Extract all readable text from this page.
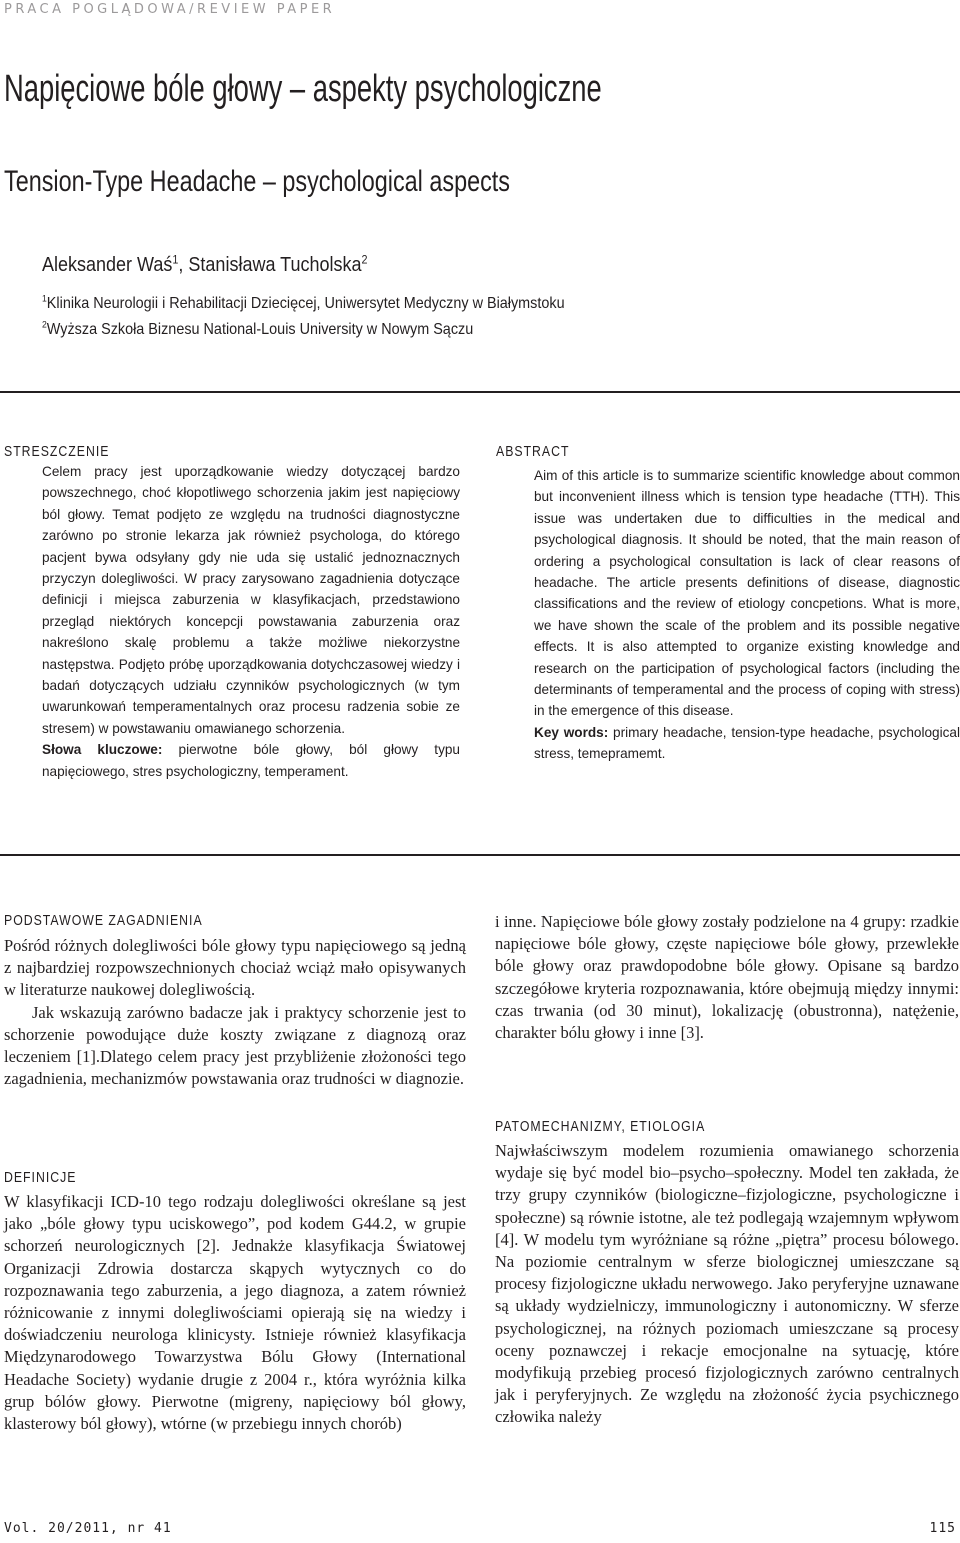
PRACA POGLĄDOWA/REVIEW PAPER
Napięciowe bóle głowy – aspekty psychologiczne
Tension-Type Headache – psychological aspects
Aleksander Waś$^1$, Stanisława Tucholska$^2$
$^1$Klinika Neurologii i Rehabilitacji Dziecięcej, Uniwersytet Medyczny w Białymstoku
$^2$Wyższa Szkoła Biznesu National-Louis University w Nowym Sączu
STRESZCZENIE

Celem pracy jest uporządkowanie wiedzy dotyczącej bardzo powszechnego, choć kłopotliwego schorzenia jakim jest napięciowy ból głowy. Temat podjęto ze względu na trudności diagnostyczne zarówno po stronie lekarza jak również psychologa, do którego pacjent bywa odsyłany gdy nie uda się ustalić jednoznacznych przyczyn dolegliwości. W pracy zarysowano zagadnienia dotyczące definicji i miejsca zaburzenia w klasyfikacjach, przedstawiono przegląd niektórych koncepcji powstawania zaburzenia oraz nakreślono skalę problemu a także możliwe niekorzystne następstwa. Podjęto próbę uporządkowania dotychczasowej wiedzy i badań dotyczących udziału czynników psychologicznych (w tym uwarunkowań temperamentalnych oraz procesu radzenia sobie ze stresem) w powstawaniu omawianego schorzenia.

Słowa kluczowe: pierwotne bóle głowy, ból głowy typu napięciowego, stres psychologiczny, temperament.

ABSTRACT

Aim of this article is to summarize scientific knowledge about common but inconvenient illness which is tension type headache (TTH). This issue was undertaken due to difficulties in the medical and psychological diagnosis. It should be noted, that the main reason of ordering a psychological consultation is lack of clear reasons of headache. The article presents definitions of disease, diagnostic classifications and the review of etiology concpetions. What is more, we have shown the scale of the problem and its possible negative effects. It is also attempted to organize existing knowledge and research on the participation of psychological factors (including the determinants of temperamental and the process of coping with stress) in the emergence of this disease.

Key words: primary headache, tension-type headache, psychological stress, temepramemt.

PODSTAWOWE ZAGADNIENIA

Pośród różnych dolegliwości bóle głowy typu napięciowego są jedną z najbardziej rozpowszechnionych chociaż wciąż mało opisywanych w literaturze naukowej dolegliwością.

Jak wskazują zarówno badacze jak i praktycy schorzenie jest to schorzenie powodujące duże koszty związane z diagnozą oraz leczeniem [1].Dlatego celem pracy jest przybliżenie złożoności tego zagadnienia, mechanizmów powstawania oraz trudności w diagnozie.

DEFINICJE

W klasyfikacji ICD-10 tego rodzaju dolegliwości określane są jest jako „bóle głowy typu uciskowego”, pod kodem G44.2, w grupie schorzeń neurologicznych [2]. Jednakże klasyfikacja Światowej Organizacji Zdrowia dostarcza skąpych wytycznych co do rozpoznawania tego zaburzenia, a jego diagnoza, a zatem również różnicowanie z innymi dolegliwościami opierają się na wiedzy i doświadczeniu neurologa klinicysty. Istnieje również klasyfikacja Międzynarodowego Towarzystwa Bólu Głowy (International Headache Society) wydanie drugie z 2004 r., która wyróżnia kilka grup bólów głowy. Pierwotne (migreny, napięciowy ból głowy, klasterowy ból głowy), wtórne (w przebiegu innych chorób)

i inne. Napięciowe bóle głowy zostały podzielone na 4 grupy: rzadkie napięciowe bóle głowy, częste napięciowe bóle głowy, przewlekłe bóle głowy oraz prawdopodobne bóle głowy. Opisane są bardzo szczegółowe kryteria rozpoznawania, które obejmują między innymi: czas trwania (od 30 minut), lokalizację (obustronna), natężenie, charakter bólu głowy i inne [3].

PATOMECHANIZMY, ETIOLOGIA

Najwłaściwszym modelem rozumienia omawianego schorzenia wydaje się być model bio–psycho–społeczny. Model ten zakłada, że trzy grupy czynników (biologiczne–fizjologiczne, psychologiczne i społeczne) są równie istotne, ale też podlegają wzajemnym wpływom [4]. W modelu tym wyróżniane są różne „piętra” procesu bólowego. Na poziomie centralnym w sferze biologicznej umieszczane są procesy fizjologiczne układu nerwowego. Jako peryferyjne uznawane są układy wydzielniczy, immunologiczny i autonomiczny. W sferze psychologicznej, na różnych poziomach umieszczane są procesy oceny poznawczej i rekacje emocjonalne na sytuację, które modyfikują przebieg procesó fizjologicznych zarówno centralnych jak i peryferyjnych. Ze względu na złożoność życia psychicznego człowika należy

Vol. 20/2011, nr 41	115
